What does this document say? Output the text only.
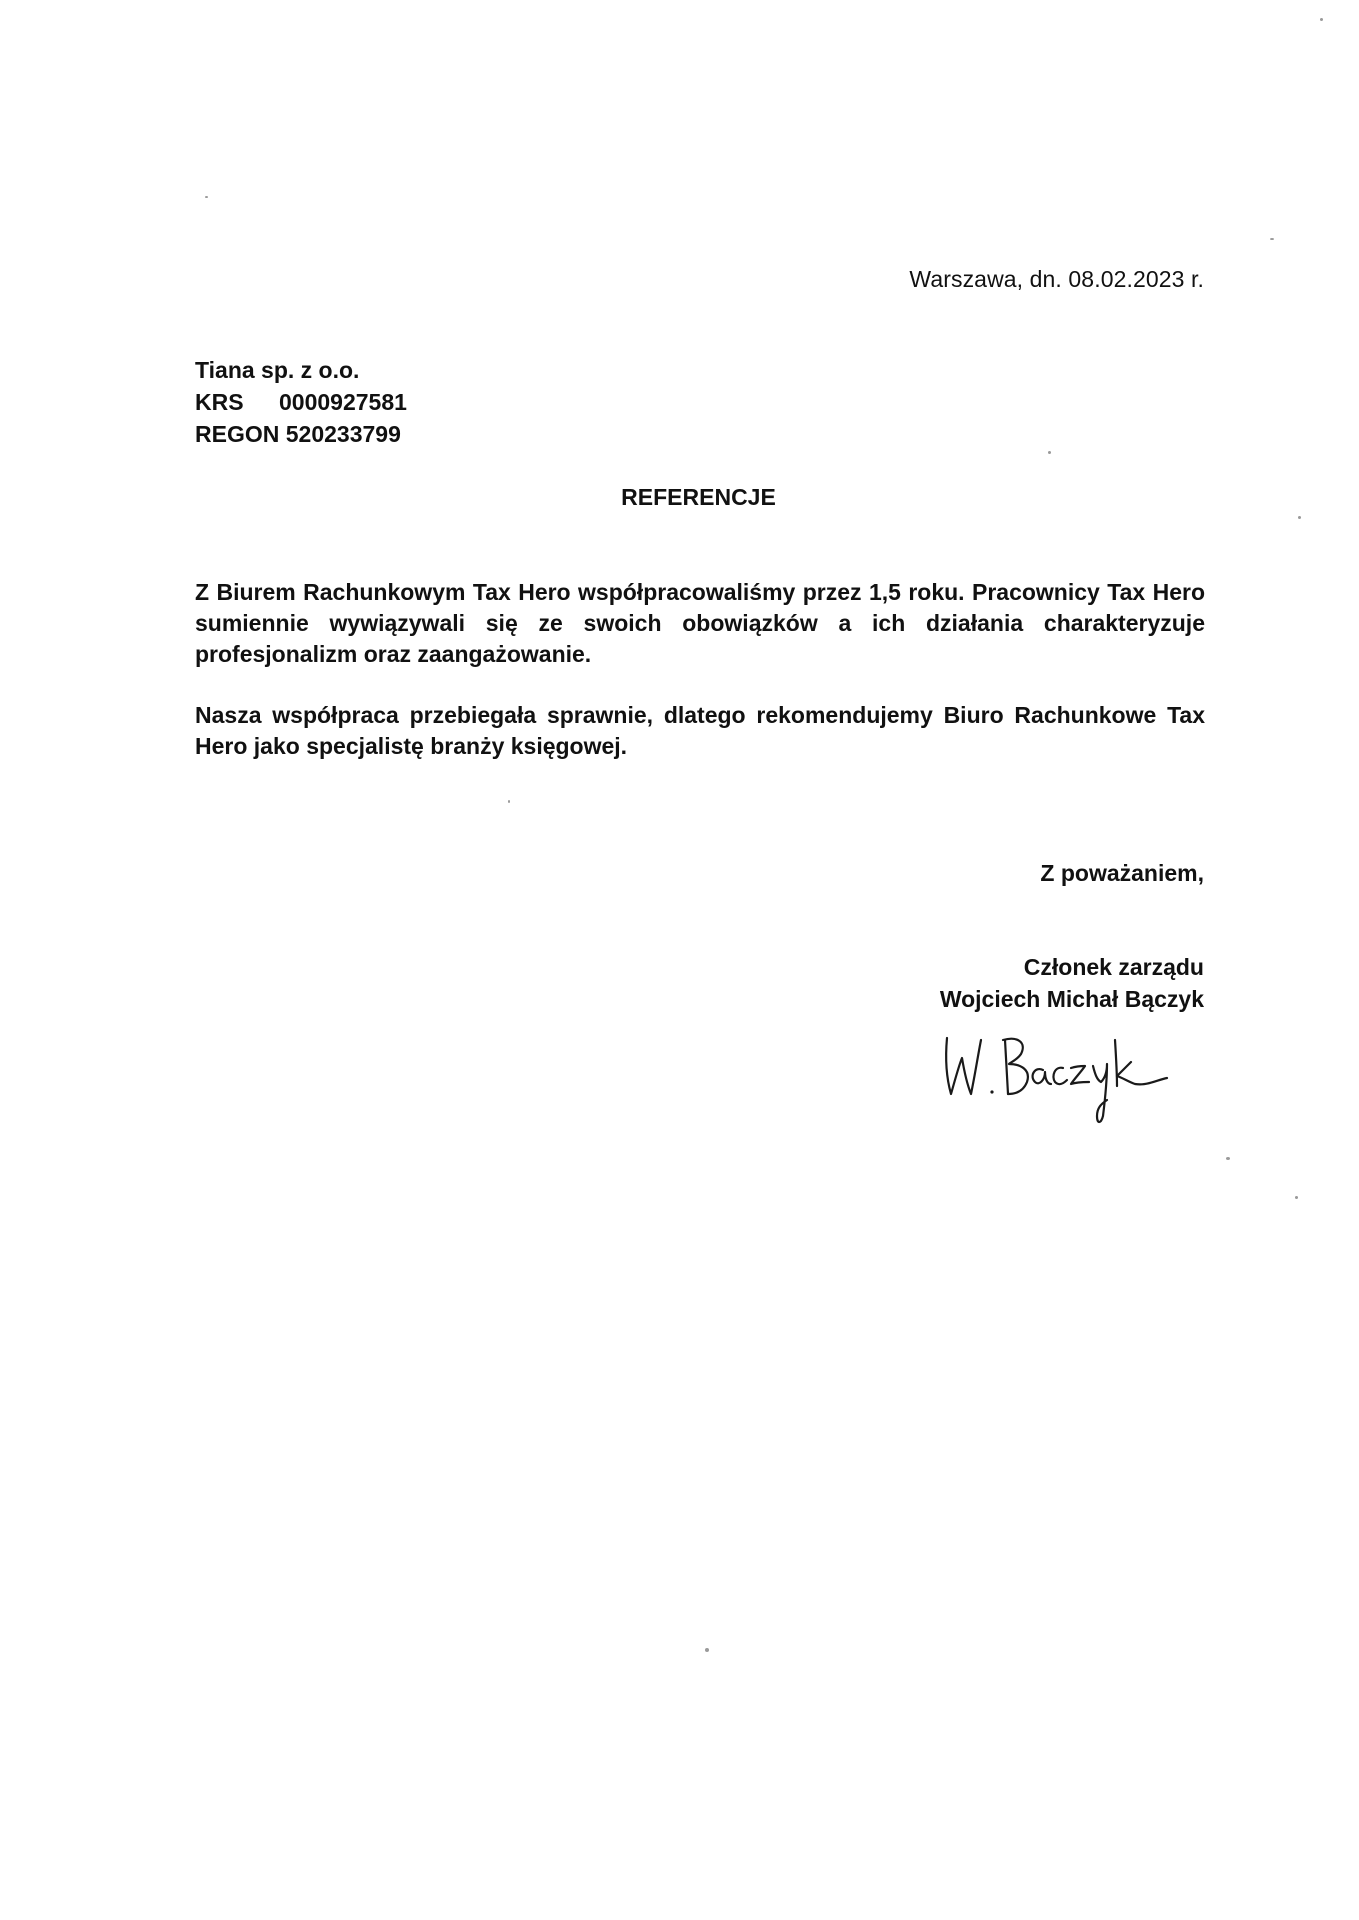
Warszawa, dn. 08.02.2023 r.
Tiana sp. z o.o.
KRS 0000927581
REGON 520233799
REFERENCJE
Z Biurem Rachunkowym Tax Hero współpracowaliśmy przez 1,5 roku. Pracownicy Tax Hero sumiennie wywiązywali się ze swoich obowiązków a ich działania charakteryzuje profesjonalizm oraz zaangażowanie.
Nasza współpraca przebiegała sprawnie, dlatego rekomendujemy Biuro Rachunkowe Tax Hero jako specjalistę branży księgowej.
Z poważaniem,
Członek zarządu
Wojciech Michał Bączyk
